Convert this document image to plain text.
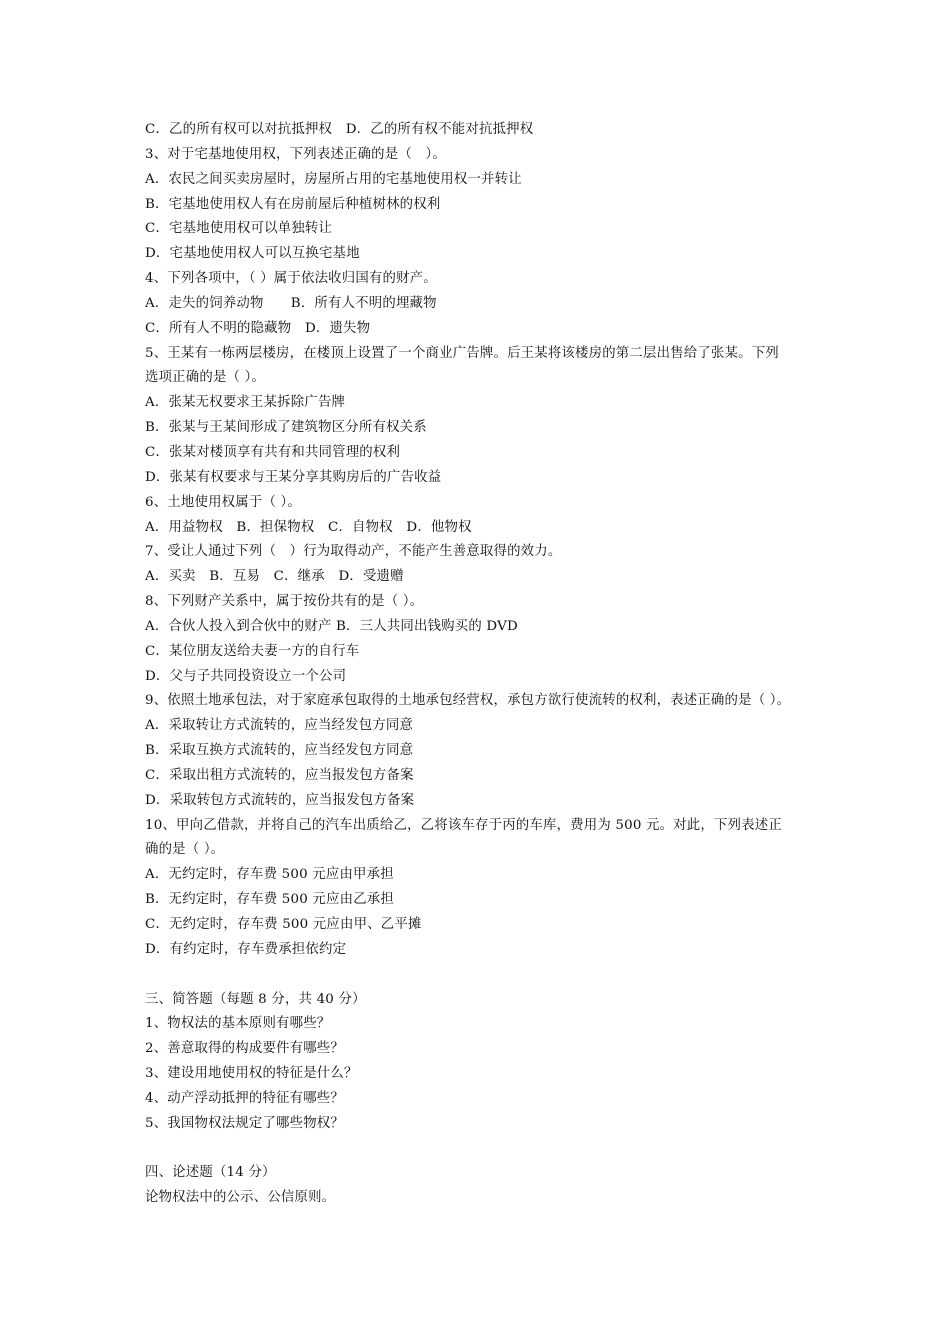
C．乙的所有权可以对抗抵押权　D．乙的所有权不能对抗抵押权
3、对于宅基地使用权，下列表述正确的是（　）。
A．农民之间买卖房屋时，房屋所占用的宅基地使用权一并转让
B．宅基地使用权人有在房前屋后种植树林的权利
C．宅基地使用权可以单独转让
D．宅基地使用权人可以互换宅基地
4、下列各项中，（ ）属于依法收归国有的财产。
A．走失的饲养动物　　B．所有人不明的埋藏物
C．所有人不明的隐藏物　D．遗失物
5、王某有一栋两层楼房，在楼顶上设置了一个商业广告牌。后王某将该楼房的第二层出售给了张某。下列
选项正确的是（ ）。
A．张某无权要求王某拆除广告牌
B．张某与王某间形成了建筑物区分所有权关系
C．张某对楼顶享有共有和共同管理的权利
D．张某有权要求与王某分享其购房后的广告收益
6、土地使用权属于（ ）。
A．用益物权　B．担保物权　C．自物权　D．他物权
7、受让人通过下列（　）行为取得动产，不能产生善意取得的效力。
A．买卖　B．互易　C．继承　D．受遗赠
8、下列财产关系中，属于按份共有的是（ ）。
A．合伙人投入到合伙中的财产 B．三人共同出钱购买的 DVD
C．某位朋友送给夫妻一方的自行车
D．父与子共同投资设立一个公司
9、依照土地承包法，对于家庭承包取得的土地承包经营权，承包方欲行使流转的权利，表述正确的是（ ）。
A．采取转让方式流转的，应当经发包方同意
B．采取互换方式流转的，应当经发包方同意
C．采取出租方式流转的，应当报发包方备案
D．采取转包方式流转的，应当报发包方备案
10、甲向乙借款，并将自己的汽车出质给乙，乙将该车存于丙的车库，费用为 500 元。对此，下列表述正
确的是（ ）。
A．无约定时，存车费 500 元应由甲承担
B．无约定时，存车费 500 元应由乙承担
C．无约定时，存车费 500 元应由甲、乙平摊
D．有约定时，存车费承担依约定
三、简答题（每题 8 分，共 40 分）
1、物权法的基本原则有哪些？
2、善意取得的构成要件有哪些？
3、建设用地使用权的特征是什么？
4、动产浮动抵押的特征有哪些？
5、我国物权法规定了哪些物权？
四、论述题（14 分）
论物权法中的公示、公信原则。
